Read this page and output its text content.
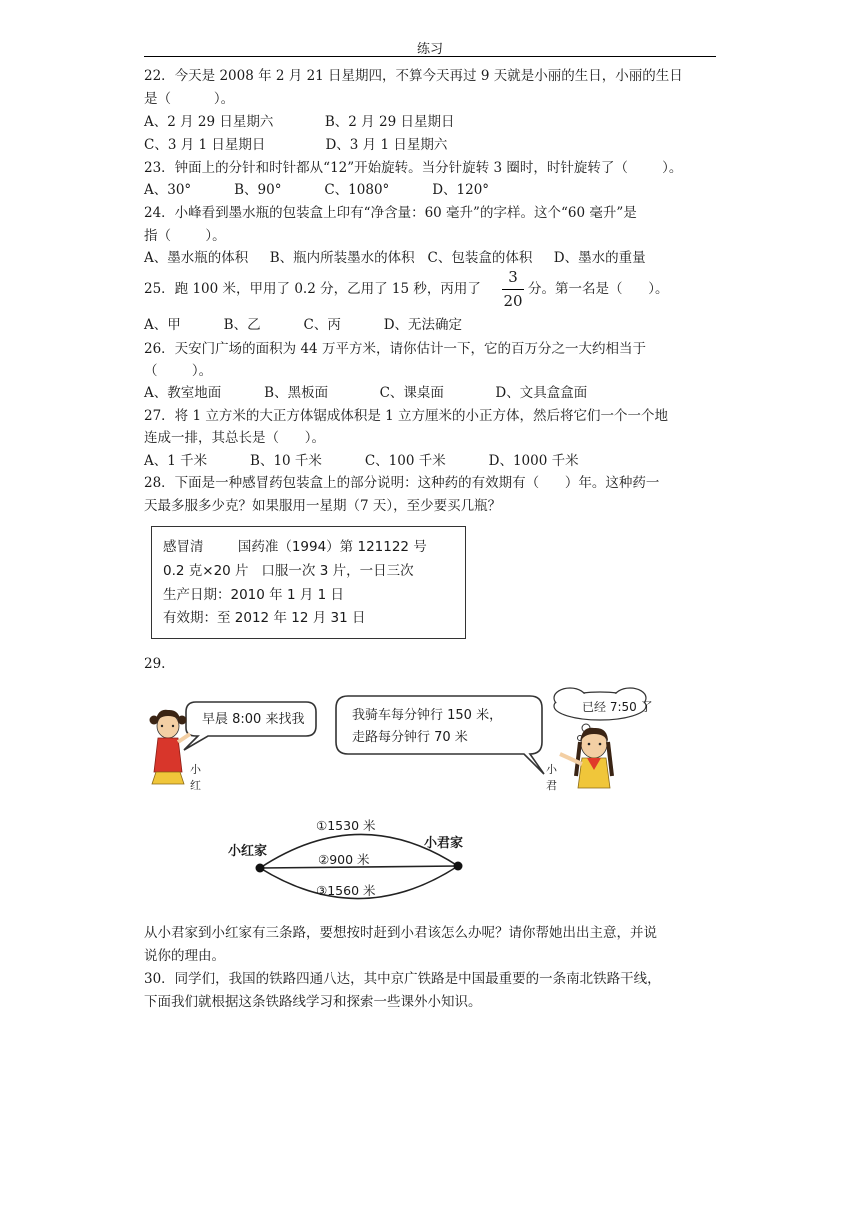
练习
22．今天是 2008 年 2 月 21 日星期四，不算今天再过 9 天就是小丽的生日，小丽的生日
是（          ）。
A、2 月 29 日星期六            B、2 月 29 日星期日
C、3 月 1 日星期日              D、3 月 1 日星期六
23．钟面上的分针和时针都从“12”开始旋转。当分针旋转 3 圈时，时针旋转了（        ）。
A、30°          B、90°          C、1080°          D、120°
24．小峰看到墨水瓶的包装盒上印有“净含量：60 毫升”的字样。这个“60 毫升”是
指（        ）。
A、墨水瓶的体积     B、瓶内所装墨水的体积   C、包装盒的体积     D、墨水的重量
25．跑 100 米，甲用了 0.2 分，乙用了 15 秒，丙用了
3
20
分。第一名是（      ）。
A、甲          B、乙          C、丙          D、无法确定
26．天安门广场的面积为 44 万平方米，请你估计一下，它的百万分之一大约相当于
（        ）。
A、教室地面          B、黑板面            C、课桌面            D、文具盒盒面
27．将 1 立方米的大正方体锯成体积是 1 立方厘米的小正方体，然后将它们一个一个地
连成一排，其总长是（      ）。
A、1 千米          B、10 千米          C、100 千米          D、1000 千米
28．下面是一种感冒药包装盒上的部分说明：这种药的有效期有（      ）年。这种药一
天最多服多少克？如果服用一星期（7 天），至少要买几瓶？
感冒清        国药准（1994）第 121122 号
0.2 克×20 片   口服一次 3 片，一日三次
生产日期：2010 年 1 月 1 日
有效期：至 2012 年 12 月 31 日
29.
早晨 8:00 来找我	我骑车每分钟行 150 米，
走路每分钟行 70 米
已经 7:50 了
小
红
小
君
小红家
小君家
①1530 米
②900 米
③1560 米
从小君家到小红家有三条路，要想按时赶到小君该怎么办呢？请你帮她出出主意，并说
说你的理由。
30．同学们，我国的铁路四通八达，其中京广铁路是中国最重要的一条南北铁路干线，
下面我们就根据这条铁路线学习和探索一些课外小知识。
